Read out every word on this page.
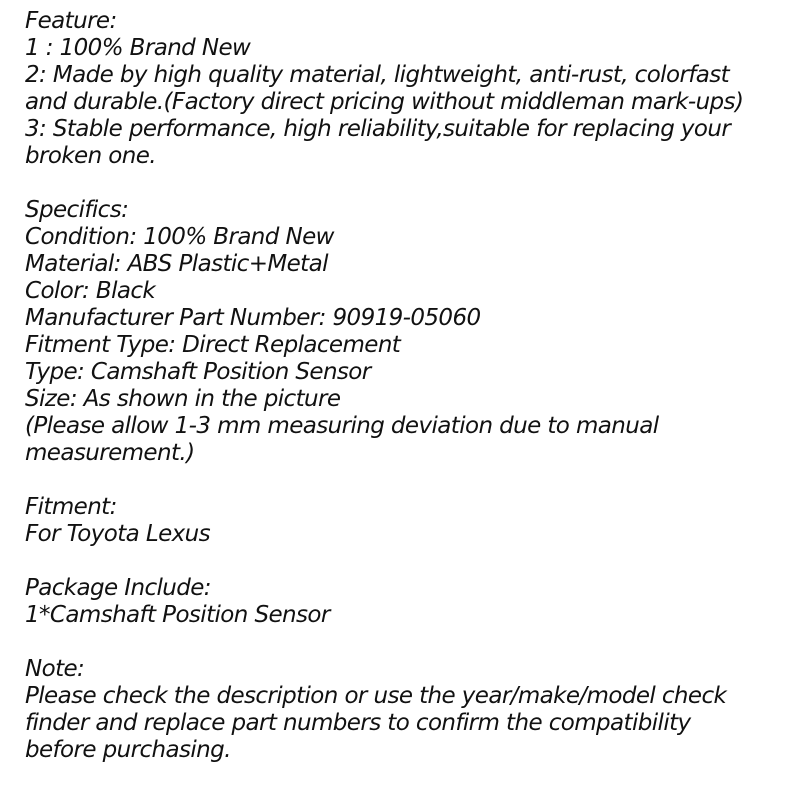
Feature:
1 : 100% Brand New
2: Made by high quality material, lightweight, anti-rust, colorfast
and durable.(Factory direct pricing without middleman mark-ups)
3: Stable performance, high reliability,suitable for replacing your
broken one.
Specifics:
Condition: 100% Brand New
Material: ABS Plastic+Metal
Color: Black
Manufacturer Part Number: 90919-05060
Fitment Type: Direct Replacement
Type: Camshaft Position Sensor
Size: As shown in the picture
(Please allow 1-3 mm measuring deviation due to manual
measurement.)
Fitment:
For Toyota Lexus
Package Include:
1*Camshaft Position Sensor
Note:
Please check the description or use the year/make/model check
finder and replace part numbers to confirm the compatibility
before purchasing.
